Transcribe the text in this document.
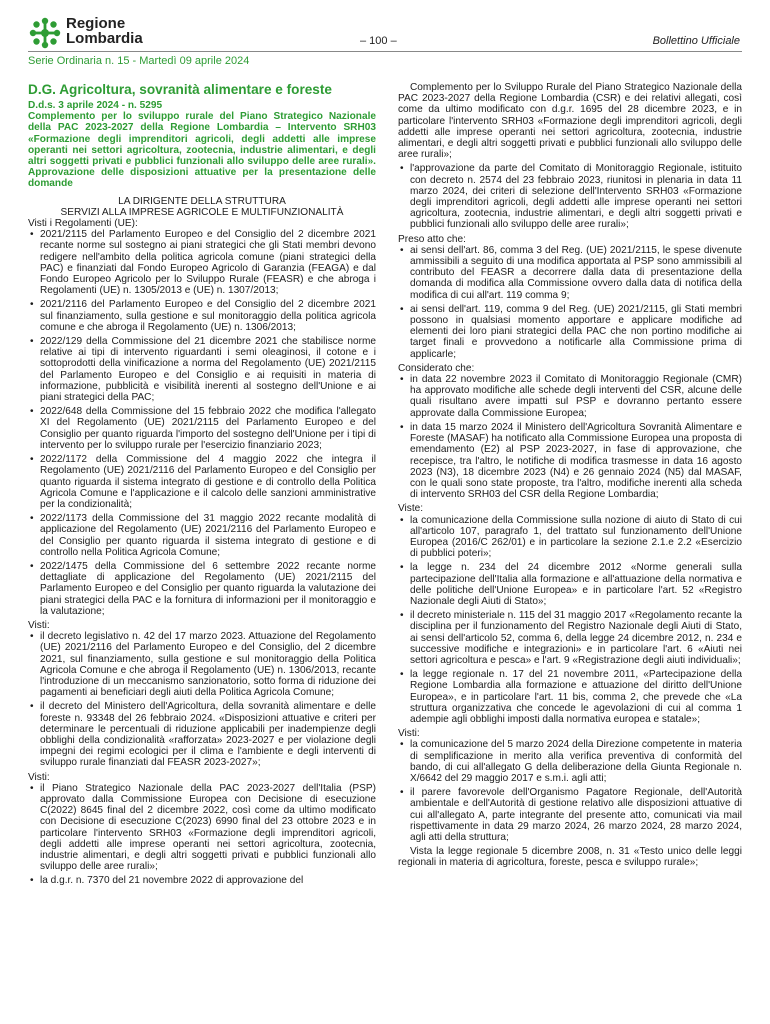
Regione
Lombardia	– 100 –	Bollettino Ufficiale
Serie Ordinaria n. 15 - Martedì 09 aprile 2024
D.G. Agricoltura, sovranità alimentare e foreste
D.d.s. 3 aprile 2024 - n. 5295
Complemento per lo sviluppo rurale del Piano Strategico Nazionale della PAC 2023-2027 della Regione Lombardia – Intervento SRH03 «Formazione degli imprenditori agricoli, degli addetti alle imprese operanti nei settori agricoltura, zootecnia, industrie alimentari, e degli altri soggetti privati e pubblici funzionali allo sviluppo delle aree rurali». Approvazione delle disposizioni attuative per la presentazione delle domande
LA DIRIGENTE DELLA STRUTTURA
SERVIZI ALLA IMPRESE AGRICOLE E MULTIFUNZIONALITÀ

Visti i Regolamenti (UE):

• 2021/2115 del Parlamento Europeo e del Consiglio del 2 dicembre 2021 recante norme sul sostegno ai piani strategici che gli Stati membri devono redigere nell'ambito della politica agricola comune (piani strategici della PAC) e finanziati dal Fondo Europeo Agricolo di Garanzia (FEAGA) e dal Fondo Europeo Agricolo per lo Sviluppo Rurale (FEASR) e che abroga i Regolamenti (UE) n. 1305/2013 e (UE) n. 1307/2013;
• 2021/2116 del Parlamento Europeo e del Consiglio del 2 dicembre 2021 sul finanziamento, sulla gestione e sul monitoraggio della politica agricola comune e che abroga il Regolamento (UE) n. 1306/2013;
• 2022/129 della Commissione del 21 dicembre 2021 che stabilisce norme relative ai tipi di intervento riguardanti i semi oleaginosi, il cotone e i sottoprodotti della vinificazione a norma del Regolamento (UE) 2021/2115 del Parlamento Europeo e del Consiglio e ai requisiti in materia di informazione, pubblicità e visibilità inerenti al sostegno dell'Unione e ai piani strategici della PAC;
• 2022/648 della Commissione del 15 febbraio 2022 che modifica l'allegato XI del Regolamento (UE) 2021/2115 del Parlamento Europeo e del Consiglio per quanto riguarda l'importo del sostegno dell'Unione per i tipi di intervento per lo sviluppo rurale per l'esercizio finanziario 2023;
• 2022/1172 della Commissione del 4 maggio 2022 che integra il Regolamento (UE) 2021/2116 del Parlamento Europeo e del Consiglio per quanto riguarda il sistema integrato di gestione e di controllo della Politica Agricola Comune e l'applicazione e il calcolo delle sanzioni amministrative per la condizionalità;
• 2022/1173 della Commissione del 31 maggio 2022 recante modalità di applicazione del Regolamento (UE) 2021/2116 del Parlamento Europeo e del Consiglio per quanto riguarda il sistema integrato di gestione e di controllo nella Politica Agricola Comune;
• 2022/1475 della Commissione del 6 settembre 2022 recante norme dettagliate di applicazione del Regolamento (UE) 2021/2115 del Parlamento Europeo e del Consiglio per quanto riguarda la valutazione dei piani strategici della PAC e la fornitura di informazioni per il monitoraggio e la valutazione;

Visti:

• il decreto legislativo n. 42 del 17 marzo 2023. Attuazione del Regolamento (UE) 2021/2116 del Parlamento Europeo e del Consiglio, del 2 dicembre 2021, sul finanziamento, sulla gestione e sul monitoraggio della Politica Agricola Comune e che abroga il Regolamento (UE) n. 1306/2013, recante l'introduzione di un meccanismo sanzionatorio, sotto forma di riduzione dei pagamenti ai beneficiari degli aiuti della Politica Agricola Comune;
• il decreto del Ministero dell'Agricoltura, della sovranità alimentare e delle foreste n. 93348 del 26 febbraio 2024. «Disposizioni attuative e criteri per determinare le percentuali di riduzione applicabili per inadempienze degli obblighi della condizionalità «rafforzata» 2023-2027 e per violazione degli impegni dei regimi ecologici per il clima e l'ambiente e degli interventi di sviluppo rurale finanziati dal FEASR 2023-2027»;

Visti:

• il Piano Strategico Nazionale della PAC 2023-2027 dell'Italia (PSP) approvato dalla Commissione Europea con Decisione di esecuzione C(2022) 8645 final del 2 dicembre 2022, così come da ultimo modificato con Decisione di esecuzione C(2023) 6990 final del 23 ottobre 2023 e in particolare l'intervento SRH03 «Formazione degli imprenditori agricoli, degli addetti alle imprese operanti nei settori agricoltura, zootecnia, industrie alimentari, e degli altri soggetti privati e pubblici funzionali allo sviluppo delle aree rurali»;
• la d.g.r. n. 7370 del 21 novembre 2022 di approvazione del

Complemento per lo Sviluppo Rurale del Piano Strategico Nazionale della PAC 2023-2027 della Regione Lombardia (CSR) e dei relativi allegati, così come da ultimo modificato con d.g.r. 1695 del 28 dicembre 2023, e in particolare l'intervento SRH03 «Formazione degli imprenditori agricoli, degli addetti alle imprese operanti nei settori agricoltura, zootecnia, industrie alimentari, e degli altri soggetti privati e pubblici funzionali allo sviluppo delle aree rurali»;

• l'approvazione da parte del Comitato di Monitoraggio Regionale, istituito con decreto n. 2574 del 23 febbraio 2023, riunitosi in plenaria in data 11 marzo 2024, dei criteri di selezione dell'Intervento SRH03 «Formazione degli imprenditori agricoli, degli addetti alle imprese operanti nei settori agricoltura, zootecnia, industrie alimentari, e degli altri soggetti privati e pubblici funzionali allo sviluppo delle aree rurali»;

Preso atto che:

• ai sensi dell'art. 86, comma 3 del Reg. (UE) 2021/2115, le spese divenute ammissibili a seguito di una modifica apportata al PSP sono ammissibili al contributo del FEASR a decorrere dalla data di presentazione della domanda di modifica alla Commissione ovvero dalla data di notifica della modifica di cui all'art. 119 comma 9;
• ai sensi dell'art. 119, comma 9 del Reg. (UE) 2021/2115, gli Stati membri possono in qualsiasi momento apportare e applicare modifiche ad elementi dei loro piani strategici della PAC che non portino modifiche ai target finali e provvedono a notificarle alla Commissione prima di applicarle;

Considerato che:

• in data 22 novembre 2023 il Comitato di Monitoraggio Regionale (CMR) ha approvato modifiche alle schede degli interventi del CSR, alcune delle quali risultano avere impatti sul PSP e dovranno pertanto essere approvate dalla Commissione Europea;
• in data 15 marzo 2024 il Ministero dell'Agricoltura Sovranità Alimentare e Foreste (MASAF) ha notificato alla Commissione Europea una proposta di emendamento (E2) al PSP 2023-2027, in fase di approvazione, che recepisce, tra l'altro, le notifiche di modifica trasmesse in data 16 agosto 2023 (N3), 18 dicembre 2023 (N4) e 26 gennaio 2024 (N5) dal MASAF, con le quali sono state proposte, tra l'altro, modifiche inerenti alla scheda di intervento SRH03 del CSR della Regione Lombardia;

Viste:

• la comunicazione della Commissione sulla nozione di aiuto di Stato di cui all'articolo 107, paragrafo 1, del trattato sul funzionamento dell'Unione Europea (2016/C 262/01) e in particolare la sezione 2.1.e 2.2 «Esercizio di pubblici poteri»;
• la legge n. 234 del 24 dicembre 2012 «Norme generali sulla partecipazione dell'Italia alla formazione e all'attuazione della normativa e delle politiche dell'Unione Europea» e in particolare l'art. 52 «Registro Nazionale degli Aiuti di Stato»;
• il decreto ministeriale n. 115 del 31 maggio 2017 «Regolamento recante la disciplina per il funzionamento del Registro Nazionale degli Aiuti di Stato, ai sensi dell'articolo 52, comma 6, della legge 24 dicembre 2012, n. 234 e successive modifiche e integrazioni» e in particolare l'art. 6 «Aiuti nei settori agricoltura e pesca» e l'art. 9 «Registrazione degli aiuti individuali»;
• la legge regionale n. 17 del 21 novembre 2011, «Partecipazione della Regione Lombardia alla formazione e attuazione del diritto dell'Unione Europea», e in particolare l'art. 11 bis, comma 2, che prevede che «La struttura organizzativa che concede le agevolazioni di cui al comma 1 adempie agli obblighi imposti dalla normativa europea e statale»;

Visti:

• la comunicazione del 5 marzo 2024 della Direzione competente in materia di semplificazione in merito alla verifica preventiva di conformità del bando, di cui all'allegato G della deliberazione della Giunta Regionale n. X/6642 del 29 maggio 2017 e s.m.i. agli atti;
• il parere favorevole dell'Organismo Pagatore Regionale, dell'Autorità ambientale e dell'Autorità di gestione relativo alle disposizioni attuative di cui all'allegato A, parte integrante del presente atto, comunicati via mail rispettivamente in data 29 marzo 2024, 26 marzo 2024, 28 marzo 2024, agli atti della struttura;

Vista la legge regionale 5 dicembre 2008, n. 31 «Testo unico delle leggi regionali in materia di agricoltura, foreste, pesca e sviluppo rurale»;
